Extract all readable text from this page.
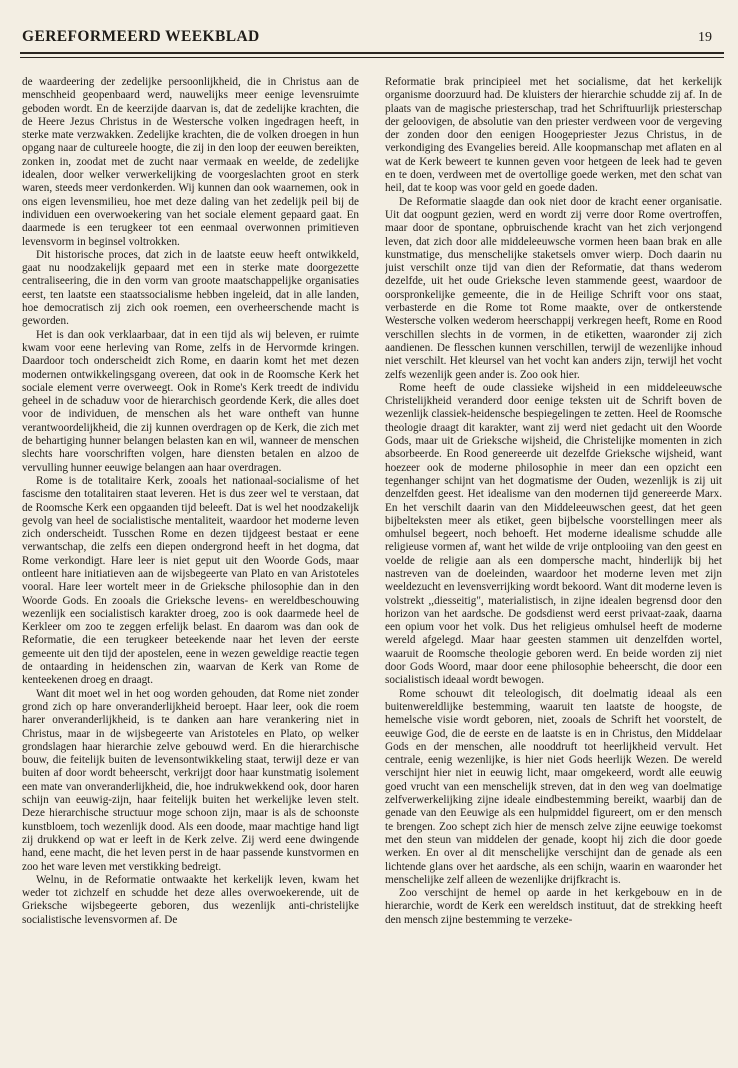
GEREFORMEERD WEEKBLAD	19

de waardeering der zedelijke persoonlijkheid, die in Christus aan de menschheid geopenbaard werd, nauwelijks meer eenige levensruimte geboden wordt. En de keerzijde daarvan is, dat de zedelijke krachten, die de Heere Jezus Christus in de Westersche volken ingedragen heeft, in sterke mate verzwakken. Zedelijke krachten, die de volken droegen in hun opgang naar de cultureele hoogte, die zij in den loop der eeuwen bereikten, zonken in, zoodat met de zucht naar vermaak en weelde, de zedelijke idealen, door welker verwerkelijking de voorgeslachten groot en sterk waren, steeds meer verdonkerden. Wij kunnen dan ook waarnemen, ook in ons eigen levensmilieu, hoe met deze daling van het zedelijk peil bij de individuen een overwoekering van het sociale element gepaard gaat. En daarmede is een terugkeer tot een eenmaal overwonnen primitieven levensvorm in beginsel voltrokken.

Dit historische proces, dat zich in de laatste eeuw heeft ontwikkeld, gaat nu noodzakelijk gepaard met een in sterke mate doorgezette centraliseering, die in den vorm van groote maatschappelijke organisaties eerst, ten laatste een staatssocialisme hebben ingeleid, dat in alle landen, hoe democratisch zij zich ook roemen, een overheerschende macht is geworden.

Het is dan ook verklaarbaar, dat in een tijd als wij beleven, er ruimte kwam voor eene herleving van Rome, zelfs in de Hervormde kringen. Daardoor toch onderscheidt zich Rome, en daarin komt het met dezen modernen ontwikkelingsgang overeen, dat ook in de Roomsche Kerk het sociale element verre overweegt. Ook in Rome's Kerk treedt de individu geheel in de schaduw voor de hierarchisch geordende Kerk, die alles doet voor de individuen, de menschen als het ware ontheft van hunne verantwoordelijkheid, die zij kunnen overdragen op de Kerk, die zich met de behartiging hunner belangen belasten kan en wil, wanneer de menschen slechts hare voorschriften volgen, hare diensten betalen en alzoo de vervulling hunner eeuwige belangen aan haar overdragen.

Rome is de totalitaire Kerk, zooals het nationaal-socialisme of het fascisme den totalitairen staat leveren. Het is dus zeer wel te verstaan, dat de Roomsche Kerk een opgaanden tijd beleeft. Dat is wel het noodzakelijk gevolg van heel de socialistische mentaliteit, waardoor het moderne leven zich onderscheidt. Tusschen Rome en dezen tijdgeest bestaat er eene verwantschap, die zelfs een diepen ondergrond heeft in het dogma, dat Rome verkondigt. Hare leer is niet geput uit den Woorde Gods, maar ontleent hare initiatieven aan de wijsbegeerte van Plato en van Aristoteles vooral. Hare leer wortelt meer in de Grieksche philosophie dan in den Woorde Gods. En zooals die Grieksche levens- en wereldbeschouwing wezenlijk een socialistisch karakter droeg, zoo is ook daarmede heel de Kerkleer om zoo te zeggen erfelijk belast. En daarom was dan ook de Reformatie, die een terugkeer beteekende naar het leven der eerste gemeente uit den tijd der apostelen, eene in wezen geweldige reactie tegen de ontaarding in heidenschen zin, waarvan de Kerk van Rome de kenteekenen droeg en draagt.

Want dit moet wel in het oog worden gehouden, dat Rome niet zonder grond zich op hare onveranderlijkheid beroept. Haar leer, ook die roem harer onveranderlijkheid, is te danken aan hare verankering niet in Christus, maar in de wijsbegeerte van Aristoteles en Plato, op welker grondslagen haar hierarchie zelve gebouwd werd. En die hierarchische bouw, die feitelijk buiten de levensontwikkeling staat, terwijl deze er van buiten af door wordt beheerscht, verkrijgt door haar kunstmatig isolement een mate van onveranderlijkheid, die, hoe indrukwekkend ook, door haren schijn van eeuwig-zijn, haar feitelijk buiten het werkelijke leven stelt. Deze hierarchische structuur moge schoon zijn, maar is als de schoonste kunstbloem, toch wezenlijk dood. Als een doode, maar machtige hand ligt zij drukkend op wat er leeft in de Kerk zelve. Zij werd eene dwingende hand, eene macht, die het leven perst in de haar passende kunstvormen en zoo het ware leven met verstikking bedreigt.

Welnu, in de Reformatie ontwaakte het kerkelijk leven, kwam het weder tot zichzelf en schudde het deze alles overwoekerende, uit de Grieksche wijsbegeerte geboren, dus wezenlijk anti-christelijke socialistische levensvormen af. De

Reformatie brak principieel met het socialisme, dat het kerkelijk organisme doorzuurd had. De kluisters der hierarchie schudde zij af. In de plaats van de magische priesterschap, trad het Schriftuurlijk priesterschap der geloovigen, de absolutie van den priester verdween voor de vergeving der zonden door den eenigen Hoogepriester Jezus Christus, in de verkondiging des Evangelies bereid. Alle koopmanschap met aflaten en al wat de Kerk beweert te kunnen geven voor hetgeen de leek had te geven en te doen, verdween met de overtollige goede werken, met den schat van heil, dat te koop was voor geld en goede daden.

De Reformatie slaagde dan ook niet door de kracht eener organisatie. Uit dat oogpunt gezien, werd en wordt zij verre door Rome overtroffen, maar door de spontane, opbruischende kracht van het zich verjongend leven, dat zich door alle middeleeuwsche vormen heen baan brak en alle kunstmatige, dus menschelijke staketsels omver wierp. Doch daarin nu juist verschilt onze tijd van dien der Reformatie, dat thans wederom dezelfde, uit het oude Grieksche leven stammende geest, waardoor de oorspronkelijke gemeente, die in de Heilige Schrift voor ons staat, verbasterde en die Rome tot Rome maakte, over de ontkerstende Westersche volken wederom heerschappij verkregen heeft, Rome en Rood verschillen slechts in de vormen, in de etiketten, waaronder zij zich aandienen. De flesschen kunnen verschillen, terwijl de wezenlijke inhoud niet verschilt. Het kleursel van het vocht kan anders zijn, terwijl het vocht zelfs wezenlijk geen ander is. Zoo ook hier.

Rome heeft de oude classieke wijsheid in een middeleeuwsche Christelijkheid veranderd door eenige teksten uit de Schrift boven de wezenlijk classiek-heidensche bespiegelingen te zetten. Heel de Roomsche theologie draagt dit karakter, want zij werd niet gedacht uit den Woorde Gods, maar uit de Grieksche wijsheid, die Christelijke momenten in zich absorbeerde. En Rood genereerde uit dezelfde Grieksche wijsheid, want hoezeer ook de moderne philosophie in meer dan een opzicht een tegenhanger schijnt van het dogmatisme der Ouden, wezenlijk is zij uit denzelfden geest. Het idealisme van den modernen tijd genereerde Marx. En het verschilt daarin van den Middeleeuwschen geest, dat het geen bijbelteksten meer als etiket, geen bijbelsche voorstellingen meer als omhulsel begeert, noch behoeft. Het moderne idealisme schudde alle religieuse vormen af, want het wilde de vrije ontplooiing van den geest en voelde de religie aan als een dompersche macht, hinderlijk bij het nastreven van de doeleinden, waardoor het moderne leven met zijn weeldezucht en levensverrijking wordt bekoord. Want dit moderne leven is volstrekt ,,diesseitig", materialistisch, in zijne idealen begrensd door den horizon van het aardsche. De godsdienst werd eerst privaat-zaak, daarna een opium voor het volk. Dus het religieus omhulsel heeft de moderne wereld afgelegd. Maar haar geesten stammen uit denzelfden wortel, waaruit de Roomsche theologie geboren werd. En beide worden zij niet door Gods Woord, maar door eene philosophie beheerscht, die door een socialistisch ideaal wordt bewogen.

Rome schouwt dit teleologisch, dit doelmatig ideaal als een buitenwereldlijke bestemming, waaruit ten laatste de hoogste, de hemelsche visie wordt geboren, niet, zooals de Schrift het voorstelt, de eeuwige God, die de eerste en de laatste is en in Christus, den Middelaar Gods en der menschen, alle nooddruft tot heerlijkheid vervult. Het centrale, eenig wezenlijke, is hier niet Gods heerlijk Wezen. De wereld verschijnt hier niet in eeuwig licht, maar omgekeerd, wordt alle eeuwig goed vrucht van een menschelijk streven, dat in den weg van doelmatige zelfverwerkelijking zijne ideale eindbestemming bereikt, waarbij dan de genade van den Eeuwige als een hulpmiddel figureert, om er den mensch te brengen. Zoo schept zich hier de mensch zelve zijne eeuwige toekomst met den steun van middelen der genade, koopt hij zich die door goede werken. En over al dit menschelijke verschijnt dan de genade als een lichtende glans over het aardsche, als een schijn, waarin en waaronder het menschelijke zelf alleen de wezenlijke drijfkracht is.

Zoo verschijnt de hemel op aarde in het kerkgebouw en in de hierarchie, wordt de Kerk een wereldsch instituut, dat de strekking heeft den mensch zijne bestemming te verzeke-
